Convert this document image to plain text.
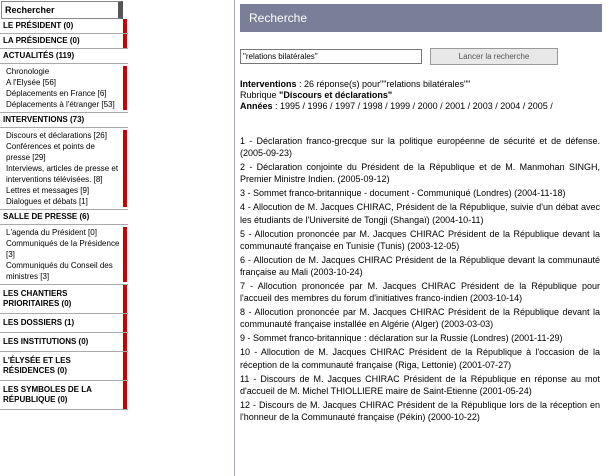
Rechercher
LE PRÉSIDENT (0)
LA PRÉSIDENCE (0)
ACTUALITÉS (119)
Chronologie
A l'Elysée [56]
Déplacements en France [6]
Déplacements à l'étranger [53]
INTERVENTIONS (73)
Discours et déclarations [26]
Conférences et points de presse [29]
Interviews, articles de presse et interventions télévisées. [8]
Lettres et messages [9]
Dialogues et débats [1]
SALLE DE PRESSE (6)
L'agenda du Président [0]
Communiqués de la Présidence [3]
Communiqués du Conseil des ministres [3]
LES CHANTIERS PRIORITAIRES (0)
LES DOSSIERS (1)
LES INSTITUTIONS (0)
L'ÉLYSÉE ET LES RÉSIDENCES (0)
LES SYMBOLES DE LA RÉPUBLIQUE (0)
Recherche
"relations bilatérales"
Lancer la recherche
Interventions : 26 réponse(s) pour""relations bilatérales""
Rubrique "Discours et déclarations"
Années : 1995 / 1996 / 1997 / 1998 / 1999 / 2000 / 2001 / 2003 / 2004 / 2005 /
1 - Déclaration franco-grecque sur la politique européenne de sécurité et de défense. (2005-09-23)
2 - Déclaration conjointe du Président de la République et de M. Manmohan SINGH, Premier Ministre Indien. (2005-09-12)
3 - Sommet franco-britannique - document - Communiqué (Londres) (2004-11-18)
4 - Allocution de M. Jacques CHIRAC, Président de la République, suivie d'un débat avec les étudiants de l'Université de Tongji (Shangaï) (2004-10-11)
5 - Allocution prononcée par M. Jacques CHIRAC Président de la République devant la communauté française en Tunisie (Tunis) (2003-12-05)
6 - Allocution de M. Jacques CHIRAC Président de la République devant la communauté française au Mali (2003-10-24)
7 - Allocution prononcée par M. Jacques CHIRAC Président de la République pour l'accueil des membres du forum d'initiatives franco-indien (2003-10-14)
8 - Allocution prononcée par M. Jacques CHIRAC Président de la République devant la communauté française installée en Algérie (Alger) (2003-03-03)
9 - Sommet franco-britannique : déclaration sur la Russie (Londres) (2001-11-29)
10 - Allocution de M. Jacques CHIRAC Président de la République à l'occasion de la réception de la communauté française (Riga, Lettonie) (2001-07-27)
11 - Discours de M. Jacques CHIRAC Président de la République en réponse au mot d'accueil de M. Michel THIOLLIERE maire de Saint-Etienne (2001-05-24)
12 - Discours de M. Jacques CHIRAC Président de la République lors de la réception en l'honneur de la Communauté française (Pékin) (2000-10-22)
